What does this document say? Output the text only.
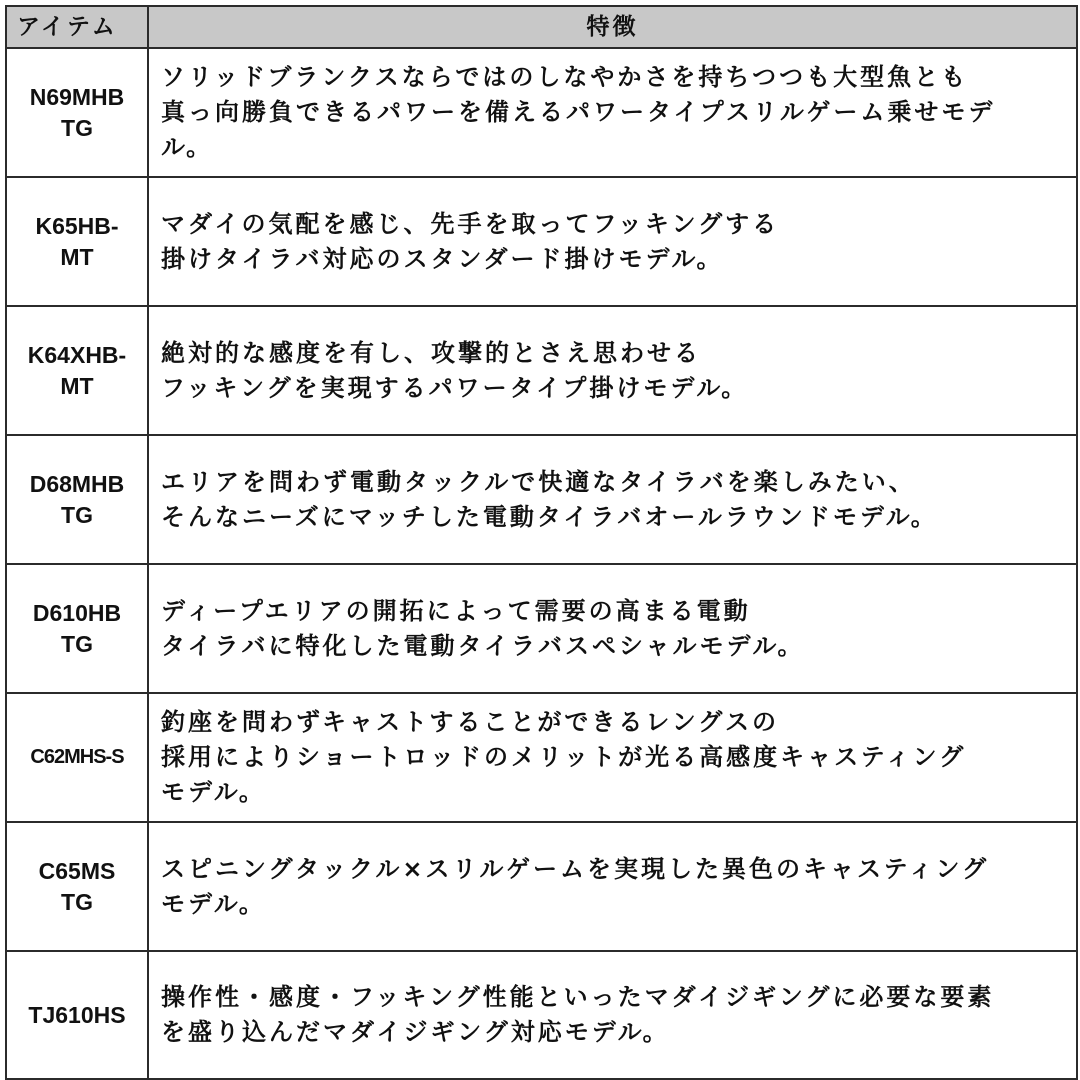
アイテム	特徴
N69MHB
TG	ソリッドブランクスならではのしなやかさを持ちつつも大型魚とも
真っ向勝負できるパワーを備えるパワータイプスリルゲーム乗せモデ
ル。
K65HB-
MT	マダイの気配を感じ、先手を取ってフッキングする
掛けタイラバ対応のスタンダード掛けモデル。
K64XHB-
MT	絶対的な感度を有し、攻撃的とさえ思わせる
フッキングを実現するパワータイプ掛けモデル。
D68MHB
TG	エリアを問わず電動タックルで快適なタイラバを楽しみたい、
そんなニーズにマッチした電動タイラバオールラウンドモデル。
D610HB
TG	ディープエリアの開拓によって需要の高まる電動
タイラバに特化した電動タイラバスペシャルモデル。
C62MHS-S	釣座を問わずキャストすることができるレングスの
採用によりショートロッドのメリットが光る高感度キャスティング
モデル。
C65MS
TG	スピニングタックル×スリルゲームを実現した異色のキャスティング
モデル。
TJ610HS	操作性・感度・フッキング性能といったマダイジギングに必要な要素
を盛り込んだマダイジギング対応モデル。
